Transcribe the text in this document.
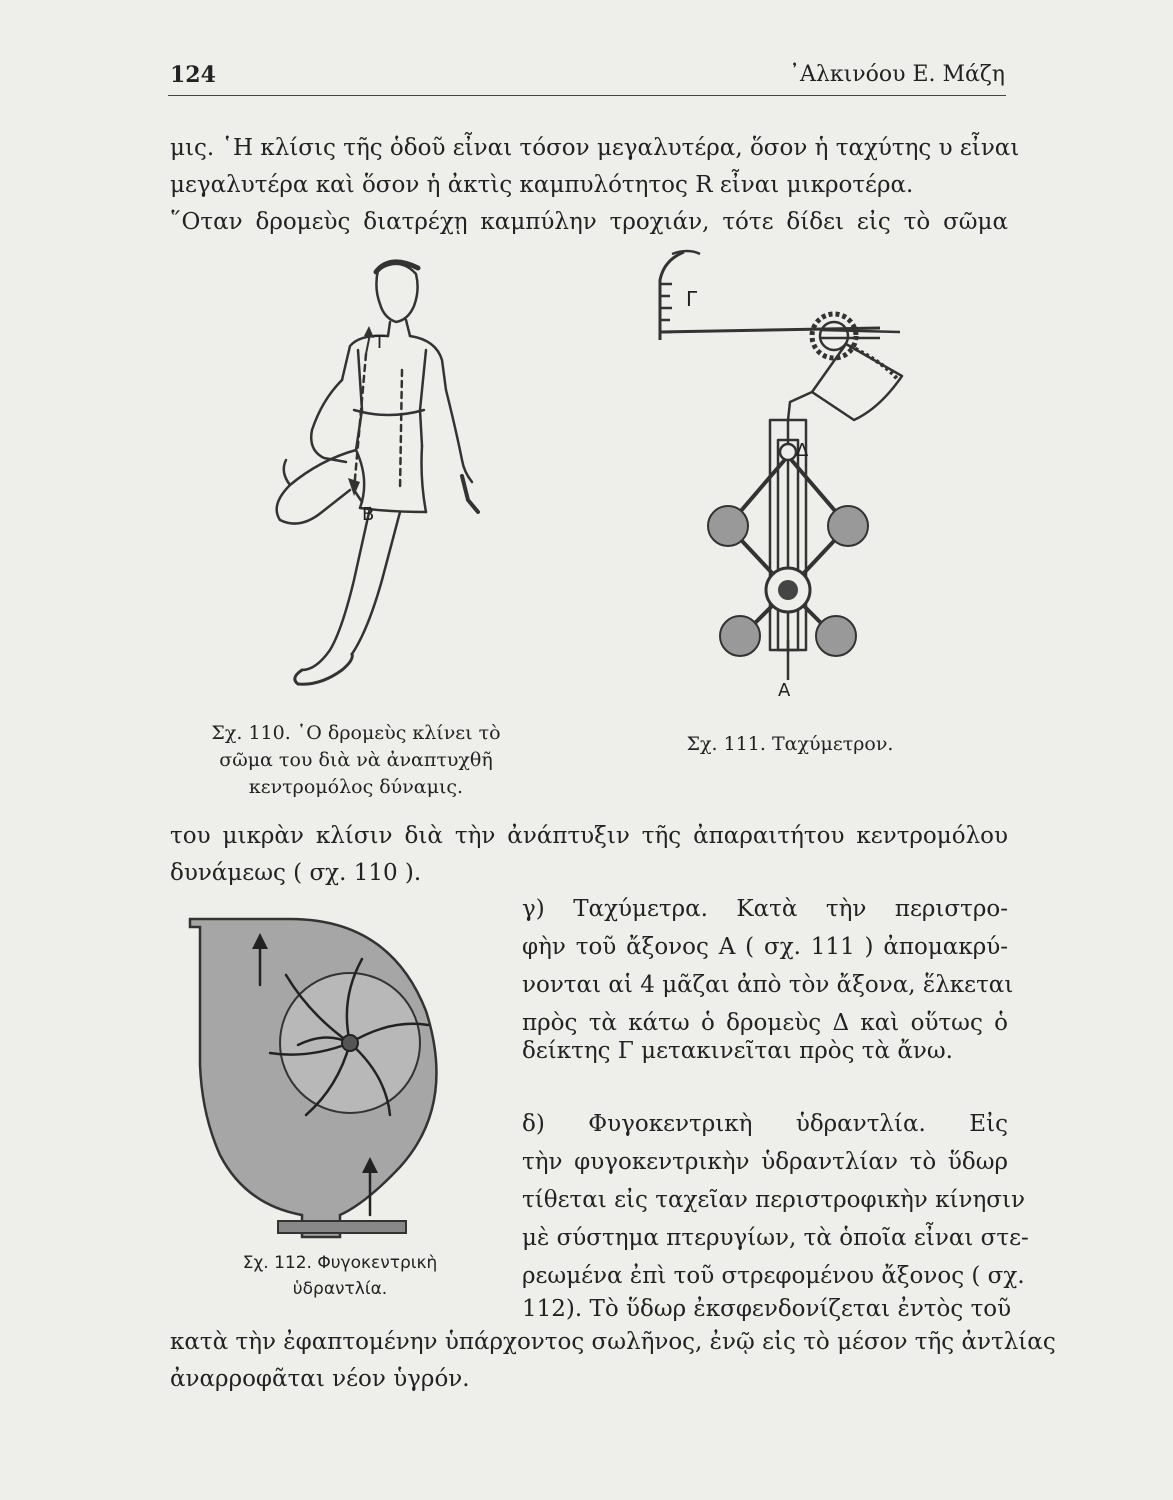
124	᾽Αλκινόου Ε. Μάζη
μις. ῾Η κλίσις τῆς ὁδοῦ εἶναι τόσον μεγαλυτέρα, ὅσον ἡ ταχύτης υ εἶναι
μεγαλυτέρα καὶ ὅσον ἡ ἀκτὶς καμπυλότητος R εἶναι μικροτέρα.
῞Οταν δρομεὺς διατρέχῃ καμπύλην τροχιάν, τότε δίδει εἰς τὸ σῶμα
Τ
Β
Σχ. 110. ῾Ο δρομεὺς κλίνει τὸ
σῶμα του διὰ νὰ ἀναπτυχθῆ
κεντρομόλος δύναμις.
Γ
Δ
Α
Σχ. 111. Ταχύμετρον.
του μικρὰν κλίσιν διὰ τὴν ἀνάπτυξιν τῆς ἀπαραιτήτου κεντρομόλου
δυνάμεως ( σχ. 110 ).
γ) Ταχύμετρα. Κατὰ τὴν περιστρο-
φὴν τοῦ ἄξονος Α ( σχ. 111 ) ἀπομακρύ-
νονται αἱ 4 μᾶζαι ἀπὸ τὸν ἄξονα, ἕλκεται
πρὸς τὰ κάτω ὁ δρομεὺς Δ καὶ οὕτως ὁ
δείκτης Γ μετακινεῖται πρὸς τὰ ἄνω.
δ) Φυγοκεντρικὴ ὑδραντλία. Εἰς
τὴν φυγοκεντρικὴν ὑδραντλίαν τὸ ὕδωρ
τίθεται εἰς ταχεῖαν περιστροφικὴν κίνησιν
μὲ σύστημα πτερυγίων, τὰ ὁποῖα εἶναι στε-
ρεωμένα ἐπὶ τοῦ στρεφομένου ἄξονος ( σχ.
112). Τὸ ὕδωρ ἐκσφενδονίζεται ἐντὸς τοῦ
Σχ. 112. Φυγοκεντρικὴ
ὑδραντλία.
κατὰ τὴν ἐφαπτομένην ὑπάρχοντος σωλῆνος, ἐνῷ εἰς τὸ μέσον τῆς ἀντλίας
ἀναρροφᾶται νέον ὑγρόν.
